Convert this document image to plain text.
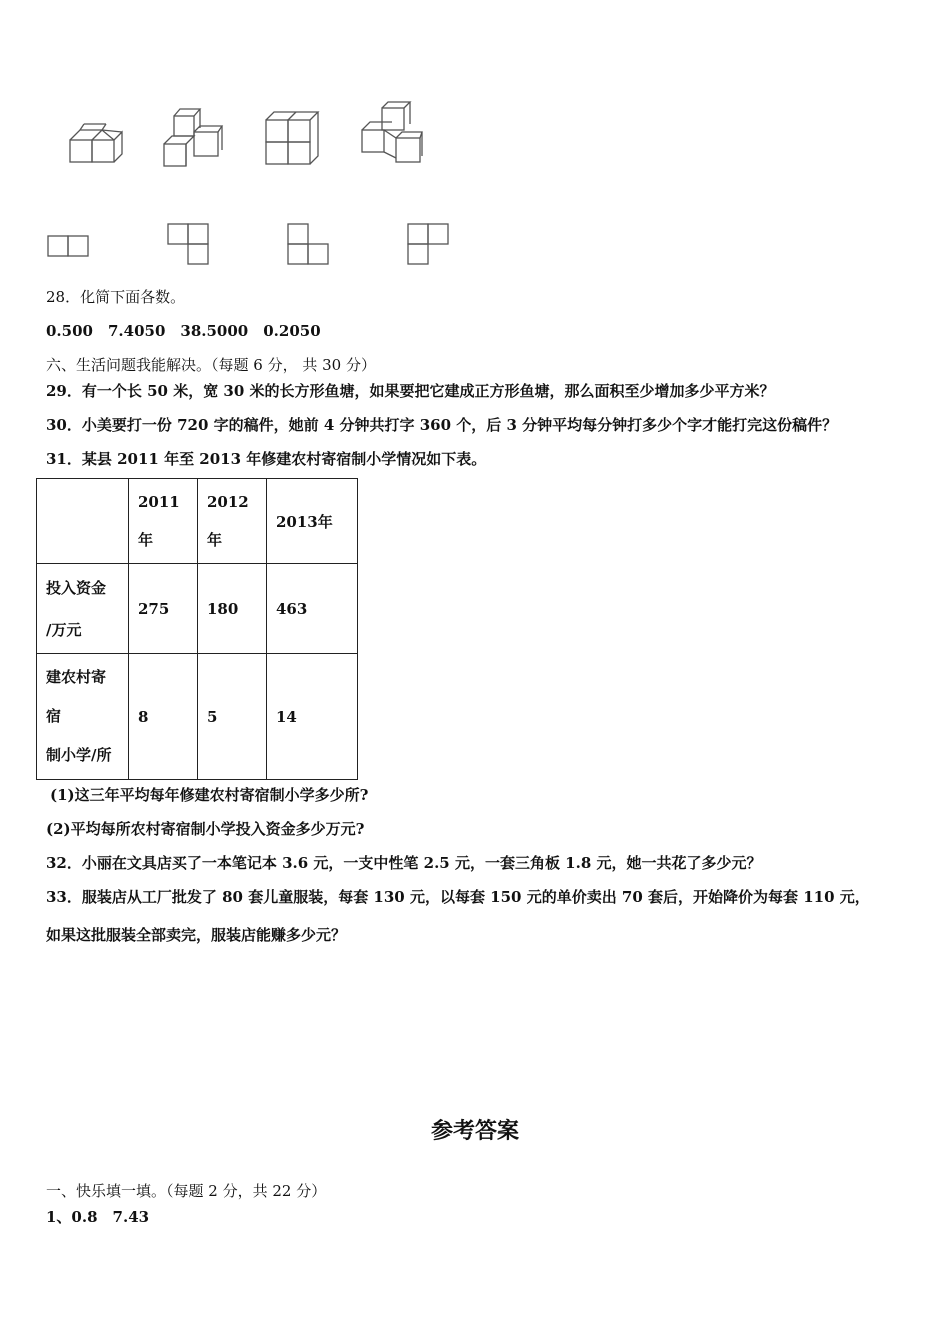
28．化简下面各数。
0.500　7.4050　38.5000　0.2050
六、生活问题我能解决。（每题 6 分， 共 30 分）
29．有一个长 50 米，宽 30 米的长方形鱼塘，如果要把它建成正方形鱼塘，那么面积至少增加多少平方米？
30．小美要打一份 720 字的稿件，她前 4 分钟共打字 360 个，后 3 分钟平均每分钟打多少个字才能打完这份稿件？
31．某县 2011 年至 2013 年修建农村寄宿制小学情况如下表。

	2011年	2012年	2013年

投入资金
/万元	275	180	463

建农村寄
宿
制小学/所	8	5	14
(1)这三年平均每年修建农村寄宿制小学多少所?
(2)平均每所农村寄宿制小学投入资金多少万元?
32．小丽在文具店买了一本笔记本 3.6 元，一支中性笔 2.5 元，一套三角板 1.8 元，她一共花了多少元？
33．服装店从工厂批发了 80 套儿童服装，每套 130 元，以每套 150 元的单价卖出 70 套后，开始降价为每套 110 元，
如果这批服装全部卖完，服装店能赚多少元？
参考答案
一、快乐填一填。（每题 2 分，共 22 分）
1、0.8　7.43
